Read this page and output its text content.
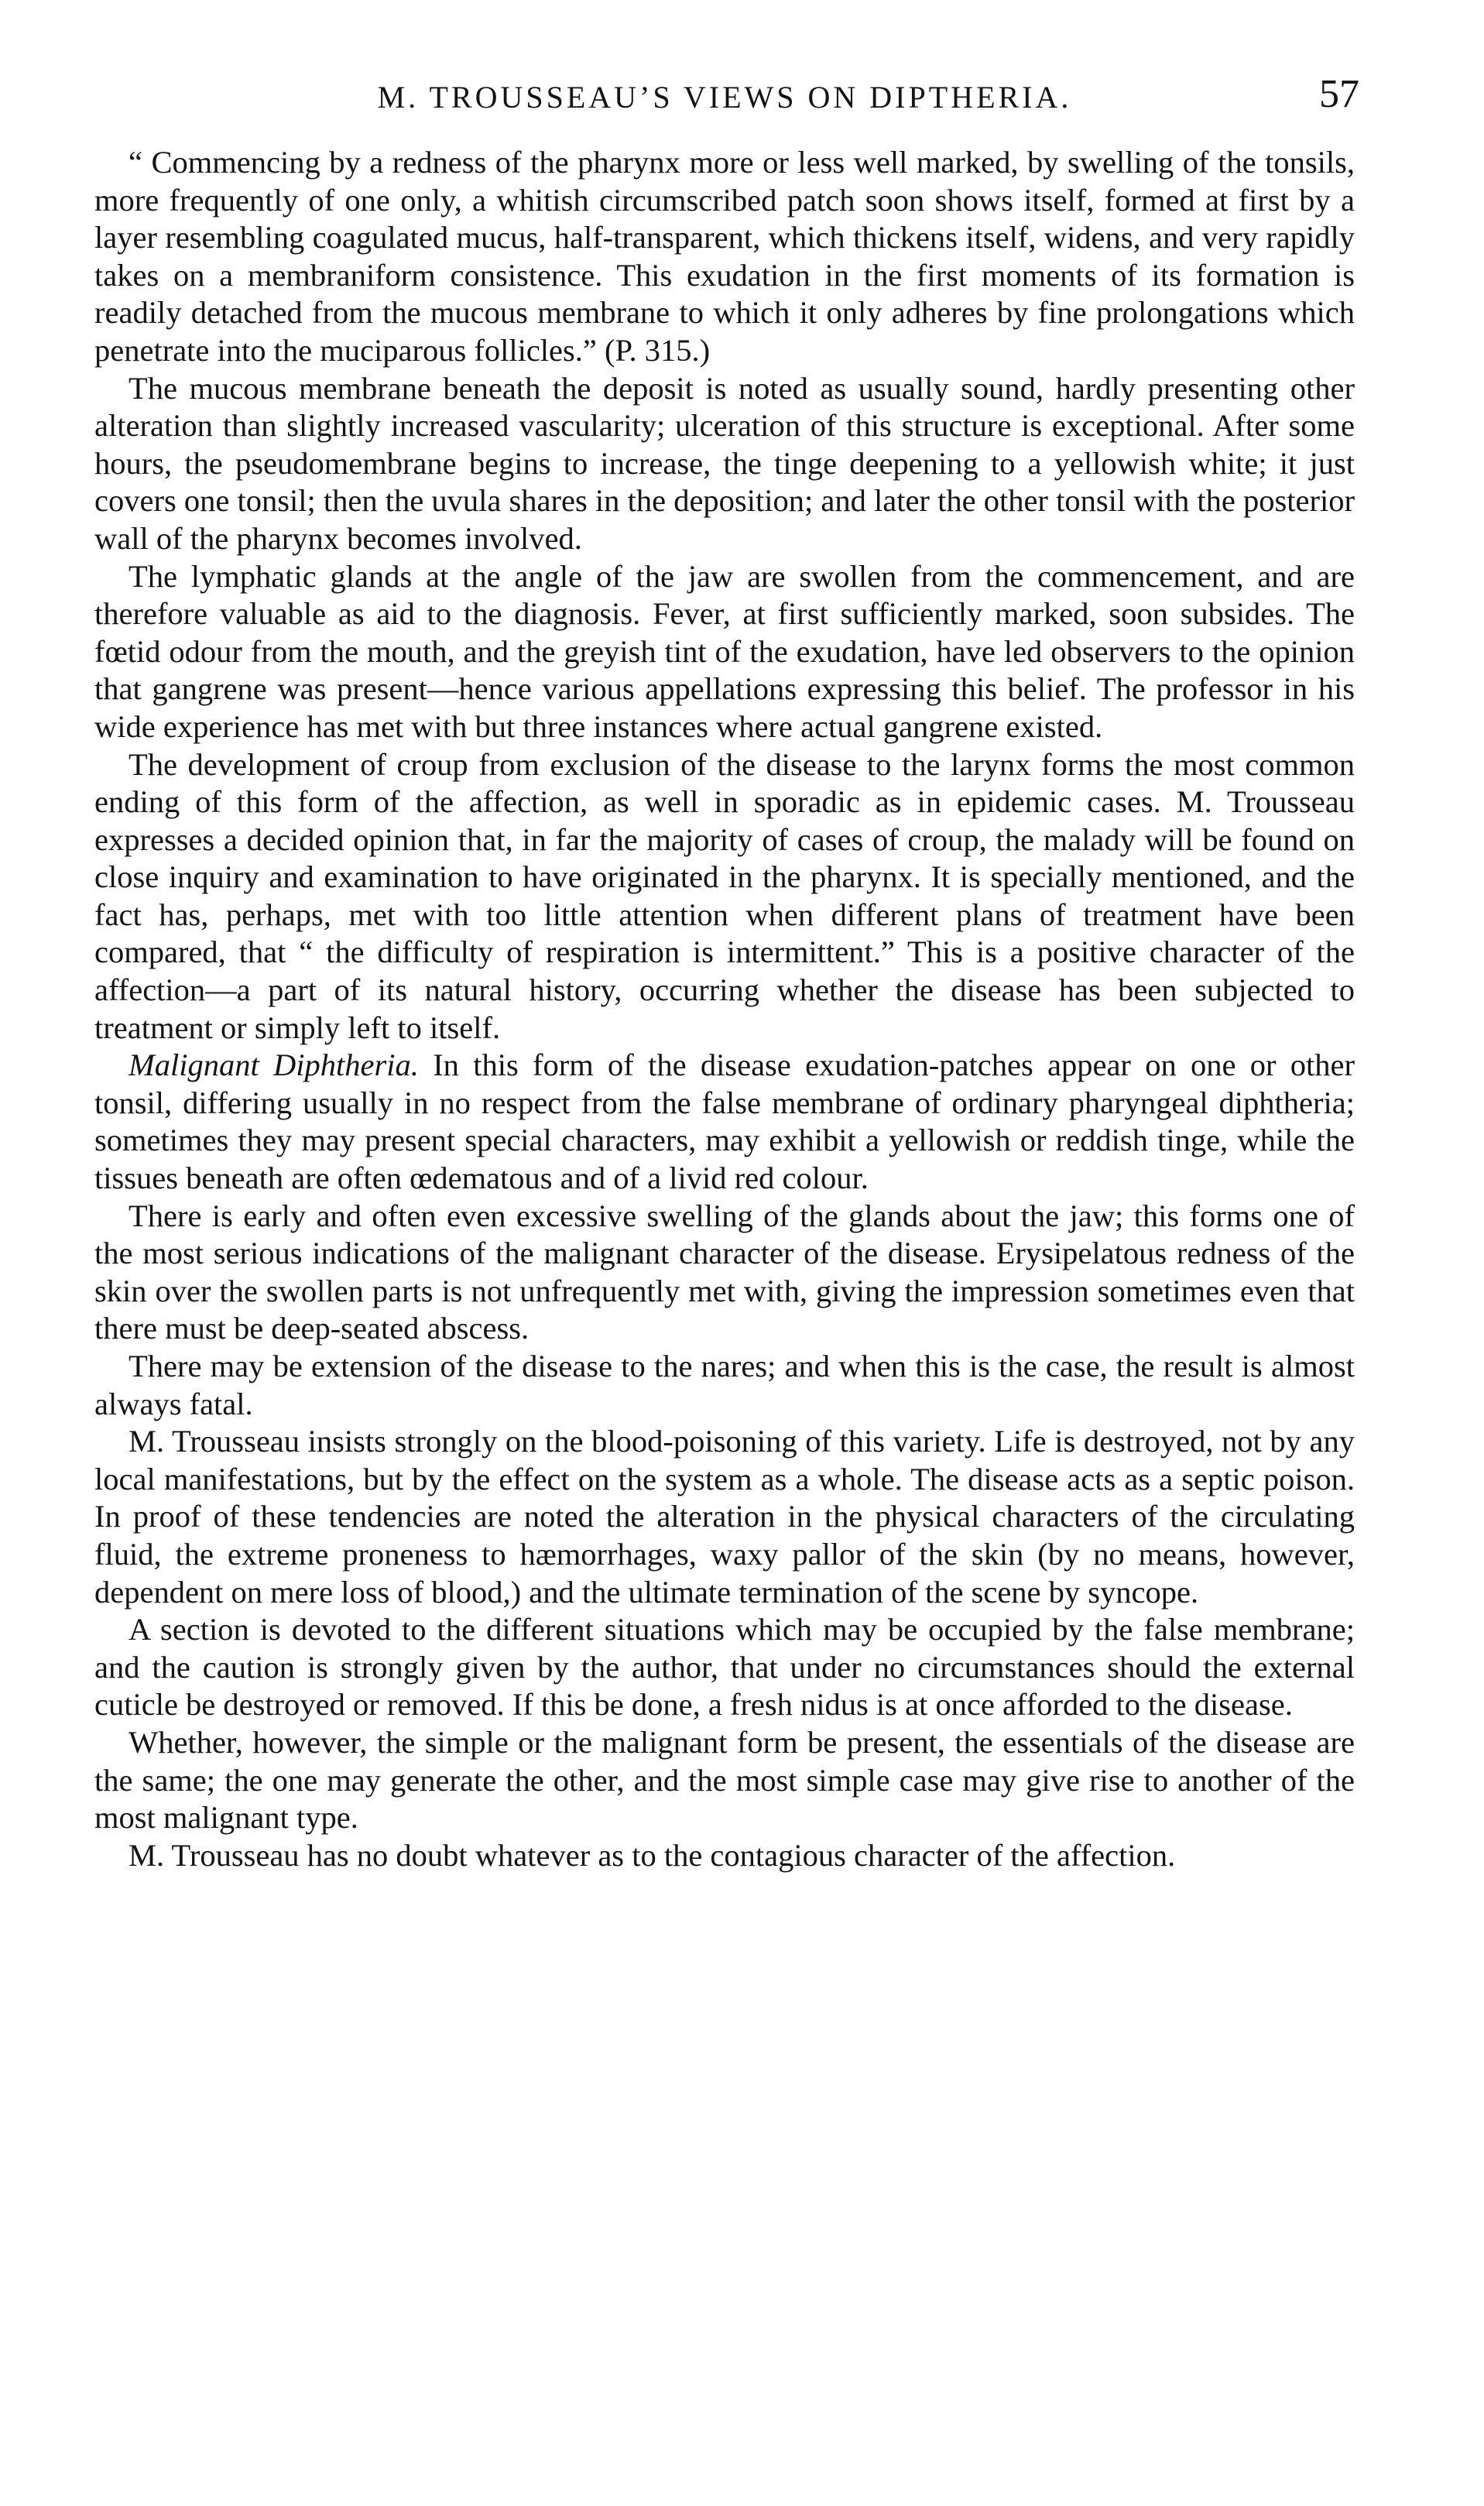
M. TROUSSEAU’S VIEWS ON DIPTHERIA.	57

“ Commencing by a redness of the pharynx more or less well marked, by swelling of the tonsils, more frequently of one only, a whitish circumscribed patch soon shows itself, formed at first by a layer resembling coagulated mucus, half-transparent, which thickens itself, widens, and very rapidly takes on a membraniform consistence. This exudation in the first moments of its formation is readily detached from the mucous membrane to which it only adheres by fine prolongations which penetrate into the muciparous follicles.” (P. 315.)

The mucous membrane beneath the deposit is noted as usually sound, hardly presenting other alteration than slightly increased vascularity; ulceration of this structure is exceptional. After some hours, the pseudomembrane begins to increase, the tinge deepening to a yellowish white; it just covers one tonsil; then the uvula shares in the deposition; and later the other tonsil with the posterior wall of the pharynx becomes involved.

The lymphatic glands at the angle of the jaw are swollen from the commencement, and are therefore valuable as aid to the diagnosis. Fever, at first sufficiently marked, soon subsides. The fœtid odour from the mouth, and the greyish tint of the exudation, have led observers to the opinion that gangrene was present—hence various appellations expressing this belief. The professor in his wide experience has met with but three instances where actual gangrene existed.

The development of croup from exclusion of the disease to the larynx forms the most common ending of this form of the affection, as well in sporadic as in epidemic cases. M. Trousseau expresses a decided opinion that, in far the majority of cases of croup, the malady will be found on close inquiry and examination to have originated in the pharynx. It is specially mentioned, and the fact has, perhaps, met with too little attention when different plans of treatment have been compared, that “ the difficulty of respiration is intermittent.” This is a positive character of the affection—a part of its natural history, occurring whether the disease has been subjected to treatment or simply left to itself.

Malignant Diphtheria. In this form of the disease exudation-patches appear on one or other tonsil, differing usually in no respect from the false membrane of ordinary pharyngeal diphtheria; sometimes they may present special characters, may exhibit a yellowish or reddish tinge, while the tissues beneath are often œdematous and of a livid red colour.

There is early and often even excessive swelling of the glands about the jaw; this forms one of the most serious indications of the malignant character of the disease. Erysipelatous redness of the skin over the swollen parts is not unfrequently met with, giving the impression sometimes even that there must be deep-seated abscess.

There may be extension of the disease to the nares; and when this is the case, the result is almost always fatal.

M. Trousseau insists strongly on the blood-poisoning of this variety. Life is destroyed, not by any local manifestations, but by the effect on the system as a whole. The disease acts as a septic poison. In proof of these tendencies are noted the alteration in the physical characters of the circulating fluid, the extreme proneness to hæmorrhages, waxy pallor of the skin (by no means, however, dependent on mere loss of blood,) and the ultimate termination of the scene by syncope.

A section is devoted to the different situations which may be occupied by the false membrane; and the caution is strongly given by the author, that under no circumstances should the external cuticle be destroyed or removed. If this be done, a fresh nidus is at once afforded to the disease.

Whether, however, the simple or the malignant form be present, the essentials of the disease are the same; the one may generate the other, and the most simple case may give rise to another of the most malignant type.

M. Trousseau has no doubt whatever as to the contagious character of the affection.
